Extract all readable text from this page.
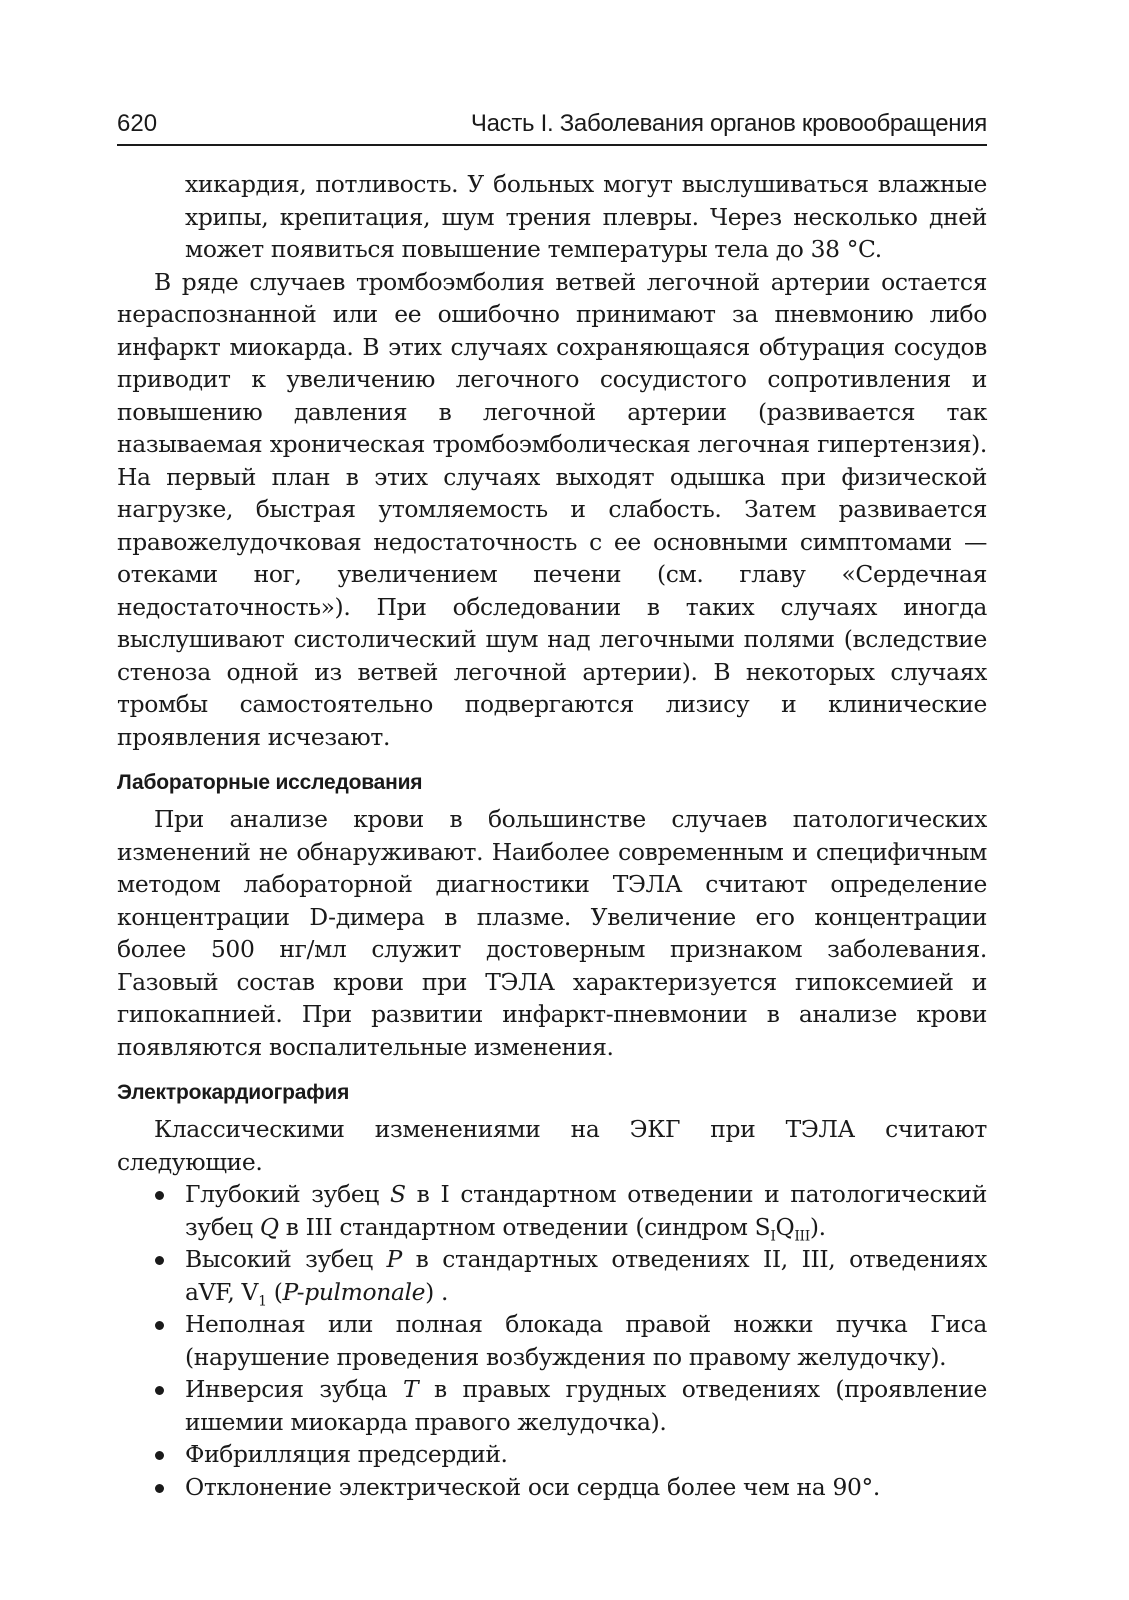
620	Часть I. Заболевания органов кровообращения

хикардия, потливость. У больных могут выслушиваться влажные хрипы, крепитация, шум трения плевры. Через несколько дней может появиться повышение температуры тела до 38 °C.

В ряде случаев тромбоэмболия ветвей легочной артерии остается нераспознанной или ее ошибочно принимают за пневмонию либо инфаркт миокарда. В этих случаях сохраняющаяся обтурация сосудов приводит к увеличению легочного сосудистого сопротивления и повышению давления в легочной артерии (развивается так называемая хроническая тромбоэмболическая легочная гипертензия). На первый план в этих случаях выходят одышка при физической нагрузке, быстрая утомляемость и слабость. Затем развивается правожелудочковая недостаточность с ее основными симптомами — отеками ног, увеличением печени (см. главу «Сердечная недостаточность»). При обследовании в таких случаях иногда выслушивают систолический шум над легочными полями (вследствие стеноза одной из ветвей легочной артерии). В некоторых случаях тромбы самостоятельно подвергаются лизису и клинические проявления исчезают.

Лабораторные исследования

При анализе крови в большинстве случаев патологических изменений не обнаруживают. Наиболее современным и специфичным методом лабораторной диагностики ТЭЛА считают определение концентрации D-димера в плазме. Увеличение его концентрации более 500 нг/мл служит достоверным признаком заболевания. Газовый состав крови при ТЭЛА характеризуется гипоксемией и гипокапнией. При развитии инфаркт-пневмонии в анализе крови появляются воспалительные изменения.

Электрокардиография

Классическими изменениями на ЭКГ при ТЭЛА считают следующие.

Глубокий зубец S в I стандартном отведении и патологический зубец Q в III стандартном отведении (синдром $S_IQ_{III}$).
Высокий зубец P в стандартных отведениях II, III, отведениях aVF, $V_1$ (P-pulmonale) .
Неполная или полная блокада правой ножки пучка Гиса (нарушение проведения возбуждения по правому желудочку).
Инверсия зубца T в правых грудных отведениях (проявление ишемии миокарда правого желудочка).
Фибрилляция предсердий.
Отклонение электрической оси сердца более чем на 90°.
